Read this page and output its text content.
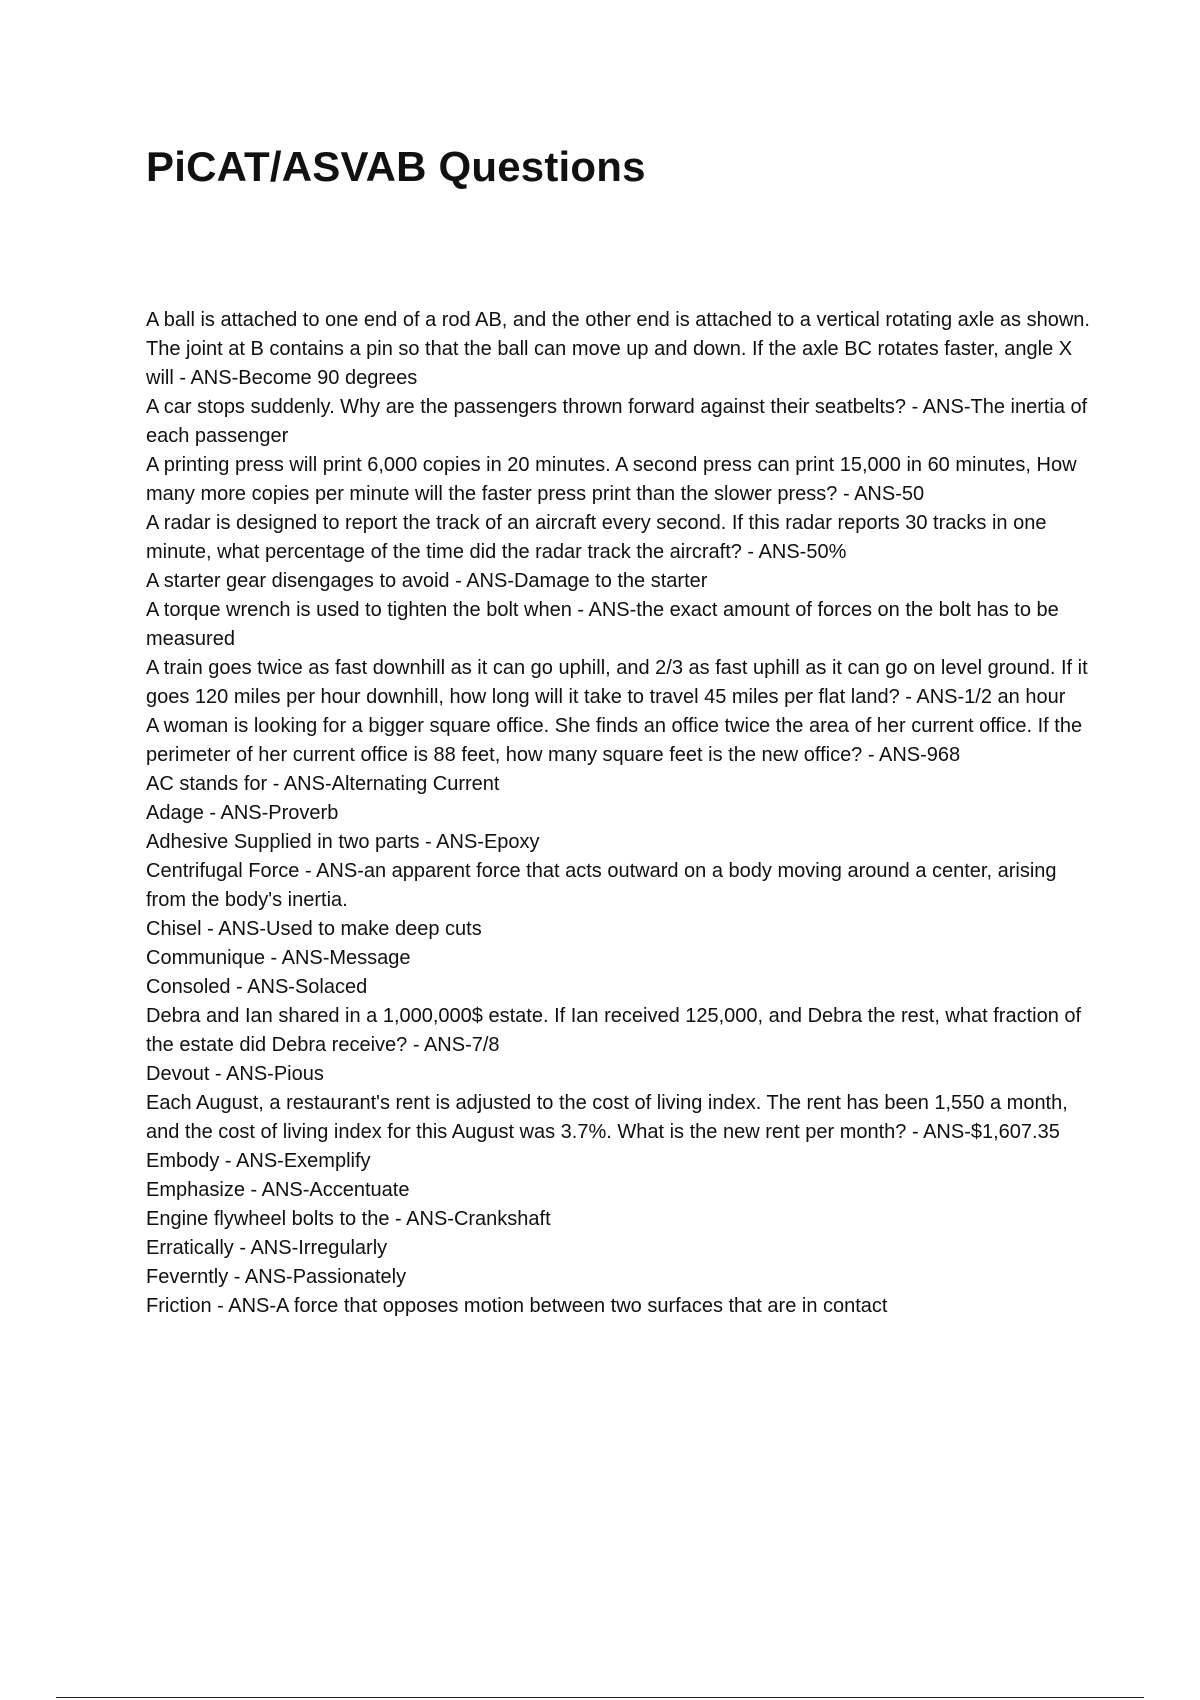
PiCAT/ASVAB Questions
A ball is attached to one end of a rod AB, and the other end is attached to a vertical rotating axle as shown. The joint at B contains a pin so that the ball can move up and down. If the axle BC rotates faster, angle X will - ANS-Become 90 degrees
A car stops suddenly. Why are the passengers thrown forward against their seatbelts? - ANS-The inertia of each passenger
A printing press will print 6,000 copies in 20 minutes. A second press can print 15,000 in 60 minutes, How many more copies per minute will the faster press print than the slower press? - ANS-50
A radar is designed to report the track of an aircraft every second. If this radar reports 30 tracks in one minute, what percentage of the time did the radar track the aircraft? - ANS-50%
A starter gear disengages to avoid - ANS-Damage to the starter
A torque wrench is used to tighten the bolt when - ANS-the exact amount of forces on the bolt has to be measured
A train goes twice as fast downhill as it can go uphill, and 2/3 as fast uphill as it can go on level ground. If it goes 120 miles per hour downhill, how long will it take to travel 45 miles per flat land? - ANS-1/2 an hour
A woman is looking for a bigger square office. She finds an office twice the area of her current office. If the perimeter of her current office is 88 feet, how many square feet is the new office? - ANS-968
AC stands for - ANS-Alternating Current
Adage - ANS-Proverb
Adhesive Supplied in two parts - ANS-Epoxy
Centrifugal Force - ANS-an apparent force that acts outward on a body moving around a center, arising from the body's inertia.
Chisel - ANS-Used to make deep cuts
Communique - ANS-Message
Consoled - ANS-Solaced
Debra and Ian shared in a 1,000,000$ estate. If Ian received 125,000, and Debra the rest, what fraction of the estate did Debra receive? - ANS-7/8
Devout - ANS-Pious
Each August, a restaurant's rent is adjusted to the cost of living index. The rent has been 1,550 a month, and the cost of living index for this August was 3.7%. What is the new rent per month? - ANS-$1,607.35
Embody - ANS-Exemplify
Emphasize - ANS-Accentuate
Engine flywheel bolts to the - ANS-Crankshaft
Erratically - ANS-Irregularly
Feverntly - ANS-Passionately
Friction - ANS-A force that opposes motion between two surfaces that are in contact
